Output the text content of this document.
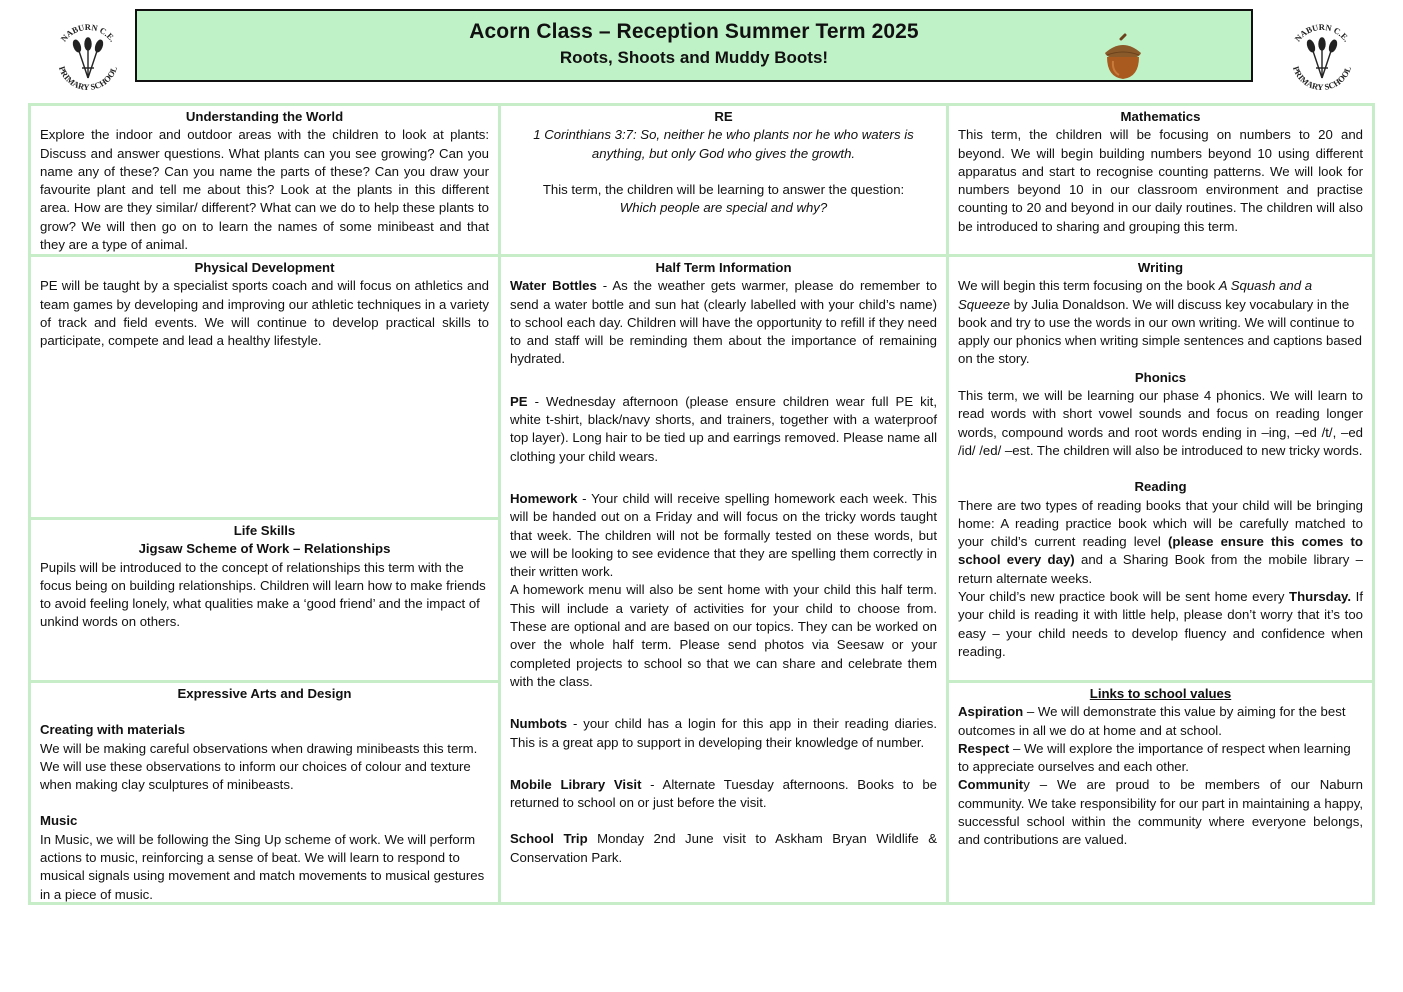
NABURN C.E.
PRIMARY SCHOOL
NABURN C.E.
PRIMARY SCHOOL
Acorn Class – Reception Summer Term 2025
Roots, Shoots and Muddy Boots!
Understanding the World

Explore the indoor and outdoor areas with the children to look at plants: Discuss and answer questions. What plants can you see growing? Can you name any of these? Can you name the parts of these? Can you draw your favourite plant and tell me about this? Look at the plants in this different area. How are they similar/ different? What can we do to help these plants to grow? We will then go on to learn the names of some minibeast and that they are a type of animal.

RE

1 Corinthians 3:7: So, neither he who plants nor he who waters is anything, but only God who gives the growth.

This term, the children will be learning to answer the question:

Which people are special and why?

Mathematics

This term, the children will be focusing on numbers to 20 and beyond. We will begin building numbers beyond 10 using different apparatus and start to recognise counting patterns. We will look for numbers beyond 10 in our classroom environment and practise counting to 20 and beyond in our daily routines. The children will also be introduced to sharing and grouping this term.

Physical Development

PE will be taught by a specialist sports coach and will focus on athletics and team games by developing and improving our athletic techniques in a variety of track and field events. We will continue to develop practical skills to participate, compete and lead a healthy lifestyle.

Half Term Information

Water Bottles - As the weather gets warmer, please do remember to send a water bottle and sun hat (clearly labelled with your child’s name) to school each day. Children will have the opportunity to refill if they need to and staff will be reminding them about the importance of remaining hydrated.

PE - Wednesday afternoon (please ensure children wear full PE kit, white t-shirt, black/navy shorts, and trainers, together with a waterproof top layer). Long hair to be tied up and earrings removed. Please name all clothing your child wears.

Homework - Your child will receive spelling homework each week. This will be handed out on a Friday and will focus on the tricky words taught that week. The children will not be formally tested on these words, but we will be looking to see evidence that they are spelling them correctly in their written work.

A homework menu will also be sent home with your child this half term. This will include a variety of activities for your child to choose from. These are optional and are based on our topics. They can be worked on over the whole half term. Please send photos via Seesaw or your completed projects to school so that we can share and celebrate them with the class.

Numbots - your child has a login for this app in their reading diaries. This is a great app to support in developing their knowledge of number.

Mobile Library Visit - Alternate Tuesday afternoons. Books to be returned to school on or just before the visit.

School Trip Monday 2nd June visit to Askham Bryan Wildlife & Conservation Park.

Writing

We will begin this term focusing on the book A Squash and a Squeeze by Julia Donaldson. We will discuss key vocabulary in the book and try to use the words in our own writing. We will continue to apply our phonics when writing simple sentences and captions based on the story.

Phonics

This term, we will be learning our phase 4 phonics. We will learn to read words with short vowel sounds and focus on reading longer words, compound words and root words ending in –ing, –ed /t/, –ed /id/ /ed/ –est. The children will also be introduced to new tricky words.

Reading

There are two types of reading books that your child will be bringing home: A reading practice book which will be carefully matched to your child’s current reading level (please ensure this comes to school every day) and a Sharing Book from the mobile library – return alternate weeks.

Your child’s new practice book will be sent home every Thursday. If your child is reading it with little help, please don’t worry that it’s too easy – your child needs to develop fluency and confidence when reading.

Life Skills
Jigsaw Scheme of Work – Relationships

Pupils will be introduced to the concept of relationships this term with the focus being on building relationships. Children will learn how to make friends to avoid feeling lonely, what qualities make a ‘good friend’ and the impact of unkind words on others.

Expressive Arts and Design

Creating with materials

We will be making careful observations when drawing minibeasts this term. We will use these observations to inform our choices of colour and texture when making clay sculptures of minibeasts.

Music

In Music, we will be following the Sing Up scheme of work. We will perform actions to music, reinforcing a sense of beat. We will learn to respond to musical signals using movement and match movements to musical gestures in a piece of music.

Links to school values

Aspiration – We will demonstrate this value by aiming for the best outcomes in all we do at home and at school.

Respect – We will explore the importance of respect when learning to appreciate ourselves and each other.

Community – We are proud to be members of our Naburn community. We take responsibility for our part in maintaining a happy, successful school within the community where everyone belongs, and contributions are valued.
